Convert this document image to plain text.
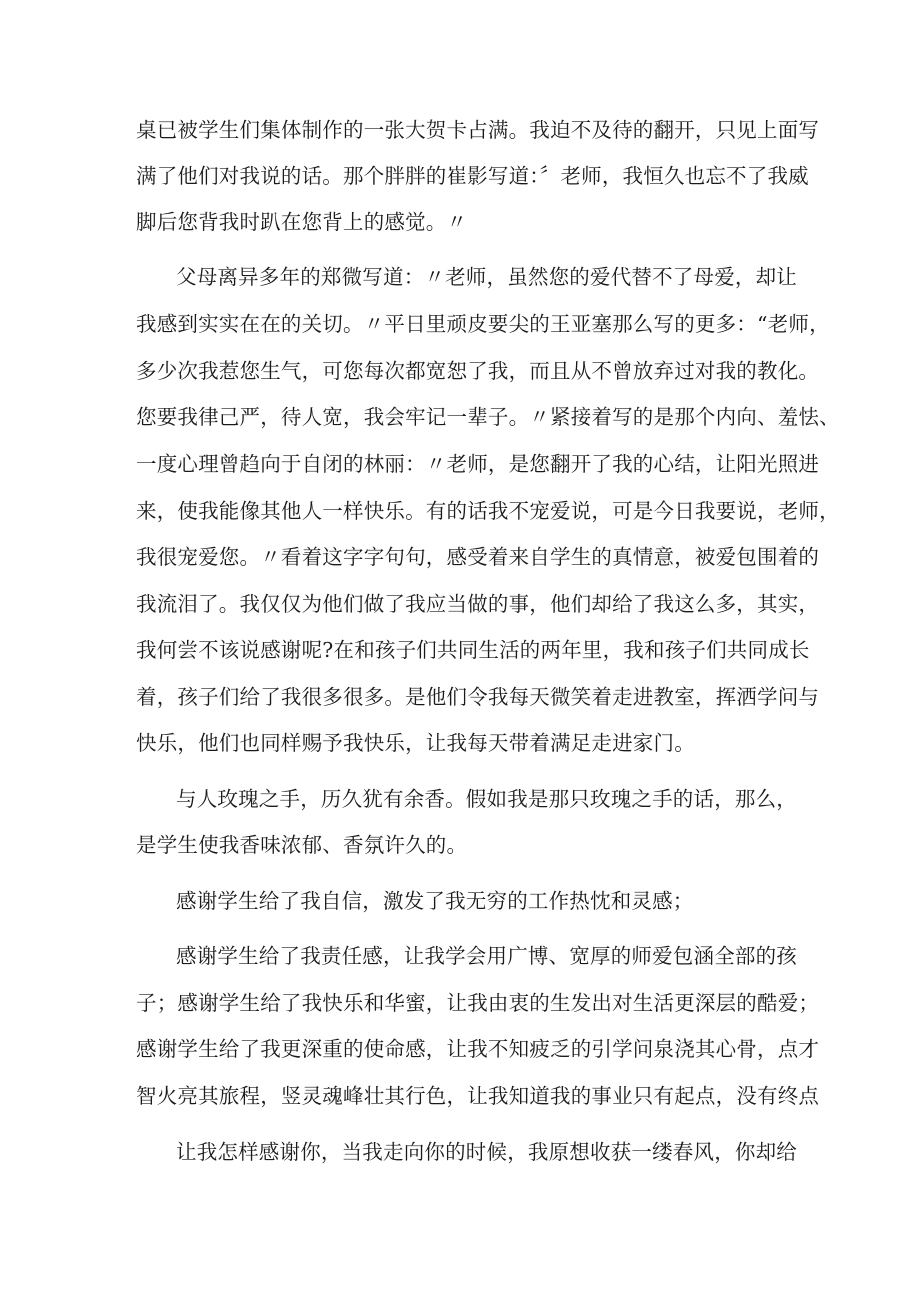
桌已被学生们集体制作的一张大贺卡占满。我迫不及待的翻开，只见上面写

满了他们对我说的话。那个胖胖的崔影写道：〞老师，我恒久也忘不了我威

脚后您背我时趴在您背上的感觉。〃

父母离异多年的郑微写道：〃老师，虽然您的爱代替不了母爱，却让

我感到实实在在的关切。〃平日里顽皮要尖的王亚塞那么写的更多：“老师，

多少次我惹您生气，可您每次都宽恕了我，而且从不曾放弃过对我的教化。

您要我律己严，待人宽，我会牢记一辈子。〃紧接着写的是那个内向、羞怯、

一度心理曾趋向于自闭的林丽：〃老师，是您翻开了我的心结，让阳光照进

来，使我能像其他人一样快乐。有的话我不宠爱说，可是今日我要说，老师，

我很宠爱您。〃看着这字字句句，感受着来自学生的真情意，被爱包围着的

我流泪了。我仅仅为他们做了我应当做的事，他们却给了我这么多，其实，

我何尝不该说感谢呢?在和孩子们共同生活的两年里，我和孩子们共同成长

着，孩子们给了我很多很多。是他们令我每天微笑着走进教室，挥洒学问与

快乐，他们也同样赐予我快乐，让我每天带着满足走进家门。

与人玫瑰之手，历久犹有余香。假如我是那只玫瑰之手的话，那么，

是学生使我香味浓郁、香氛许久的。

感谢学生给了我自信，激发了我无穷的工作热忱和灵感；

感谢学生给了我责任感，让我学会用广博、宽厚的师爱包涵全部的孩

子；感谢学生给了我快乐和华蜜，让我由衷的生发出对生活更深层的酷爱；

感谢学生给了我更深重的使命感，让我不知疲乏的引学问泉浇其心骨，点才

智火亮其旅程，竖灵魂峰壮其行色，让我知道我的事业只有起点，没有终点

让我怎样感谢你，当我走向你的时候，我原想收获一缕春风，你却给
